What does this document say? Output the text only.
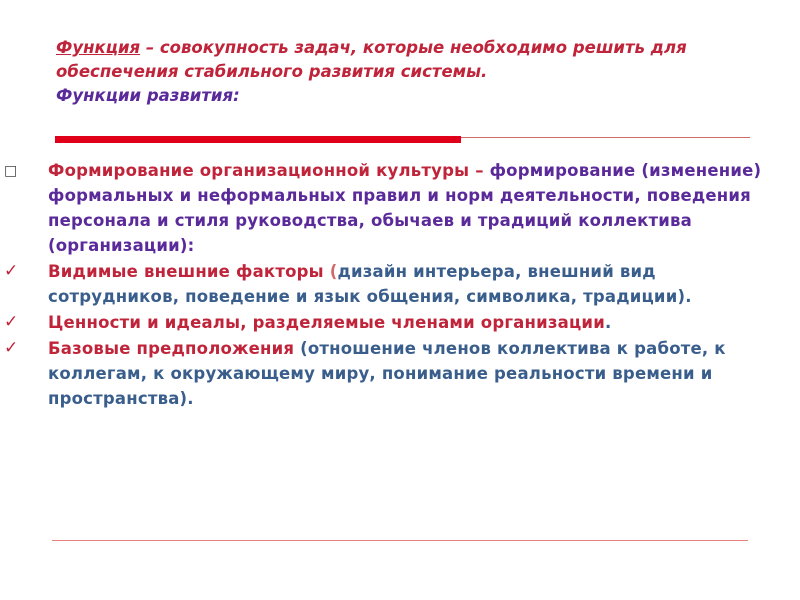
Функция – совокупность задач, которые необходимо решить для обеспечения стабильного развития системы.
Функции развития:
□	Формирование организационной культуры – формирование (изменение) формальных и неформальных правил и норм деятельности, поведения персонала и стиля руководства, обычаев и традиций коллектива (организации):
✓	Видимые внешние факторы (дизайн интерьера, внешний вид сотрудников, поведение и язык общения, символика, традиции).
✓	Ценности и идеалы, разделяемые членами организации.
✓	Базовые предположения (отношение членов коллектива к работе, к коллегам, к окружающему миру, понимание реальности времени и пространства).
